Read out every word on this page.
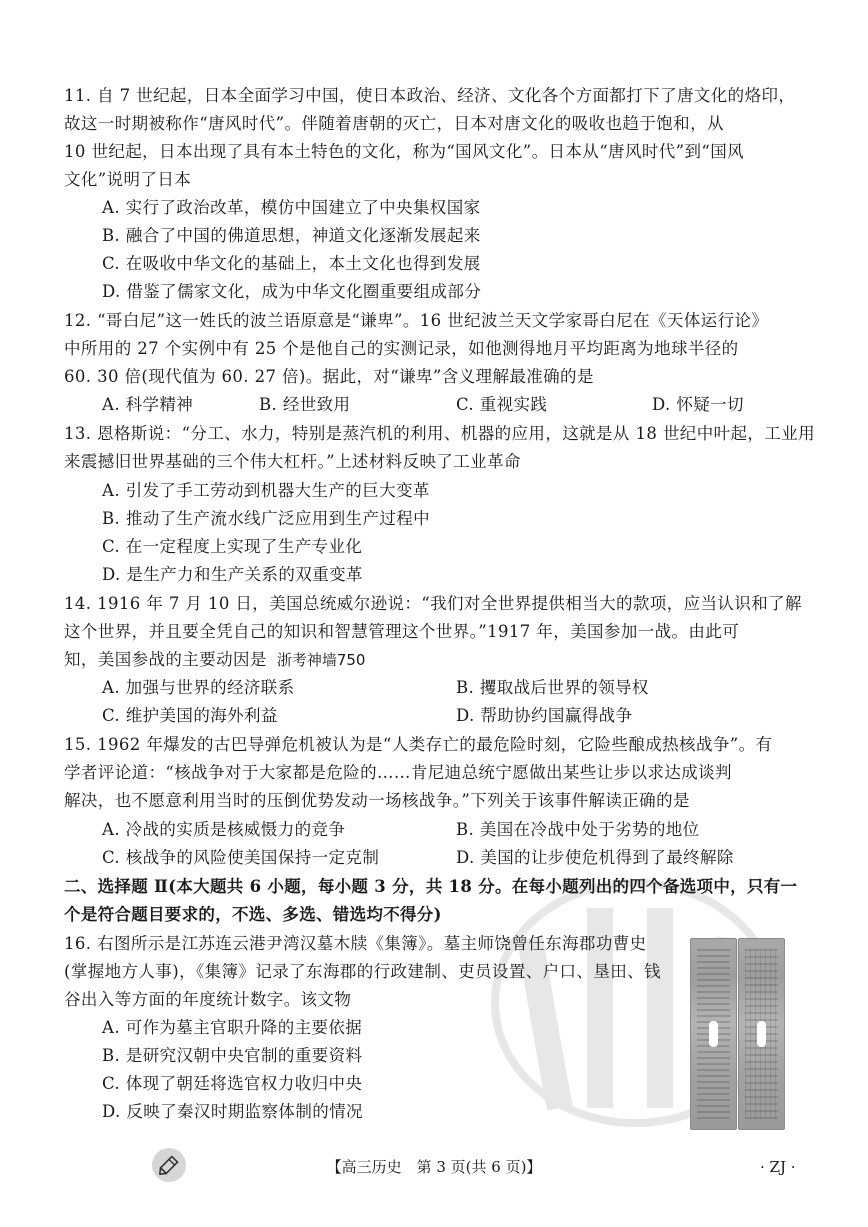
11. 自 7 世纪起，日本全面学习中国，使日本政治、经济、文化各个方面都打下了唐文化的烙印，
故这一时期被称作“唐风时代”。伴随着唐朝的灭亡，日本对唐文化的吸收也趋于饱和，从
10 世纪起，日本出现了具有本土特色的文化，称为“国风文化”。日本从“唐风时代”到“国风
文化”说明了日本
A. 实行了政治改革，模仿中国建立了中央集权国家
B. 融合了中国的佛道思想，神道文化逐渐发展起来
C. 在吸收中华文化的基础上，本土文化也得到发展
D. 借鉴了儒家文化，成为中华文化圈重要组成部分
12. “哥白尼”这一姓氏的波兰语原意是“谦卑”。16 世纪波兰天文学家哥白尼在《天体运行论》
中所用的 27 个实例中有 25 个是他自己的实测记录，如他测得地月平均距离为地球半径的
60. 30 倍(现代值为 60. 27 倍)。据此，对“谦卑”含义理解最准确的是
A. 科学精神	B. 经世致用	C. 重视实践	D. 怀疑一切
13. 恩格斯说：“分工、水力，特别是蒸汽机的利用、机器的应用，这就是从 18 世纪中叶起，工业用
来震撼旧世界基础的三个伟大杠杆。”上述材料反映了工业革命
A. 引发了手工劳动到机器大生产的巨大变革
B. 推动了生产流水线广泛应用到生产过程中
C. 在一定程度上实现了生产专业化
D. 是生产力和生产关系的双重变革
14. 1916 年 7 月 10 日，美国总统威尔逊说：“我们对全世界提供相当大的款项，应当认识和了解
这个世界，并且要全凭自己的知识和智慧管理这个世界。”1917 年，美国参加一战。由此可
知，美国参战的主要动因是 浙考神墙750
A. 加强与世界的经济联系	B. 攫取战后世界的领导权
C. 维护美国的海外利益	D. 帮助协约国赢得战争
15. 1962 年爆发的古巴导弹危机被认为是“人类存亡的最危险时刻，它险些酿成热核战争”。有
学者评论道：“核战争对于大家都是危险的……肯尼迪总统宁愿做出某些让步以求达成谈判
解决，也不愿意利用当时的压倒优势发动一场核战争。”下列关于该事件解读正确的是
A. 冷战的实质是核威慑力的竞争	B. 美国在冷战中处于劣势的地位
C. 核战争的风险使美国保持一定克制	D. 美国的让步使危机得到了最终解除
二、选择题 Ⅱ(本大题共 6 小题，每小题 3 分，共 18 分。在每小题列出的四个备选项中，只有一
个是符合题目要求的，不选、多选、错选均不得分)
16. 右图所示是江苏连云港尹湾汉墓木牍《集簿》。墓主师饶曾任东海郡功曹史
(掌握地方人事)，《集簿》记录了东海郡的行政建制、吏员设置、户口、垦田、钱
谷出入等方面的年度统计数字。该文物
A. 可作为墓主官职升降的主要依据
B. 是研究汉朝中央官制的重要资料
C. 体现了朝廷将选官权力收归中央
D. 反映了秦汉时期监察体制的情况
【高三历史　第 3 页(共 6 页)】	· ZJ ·
